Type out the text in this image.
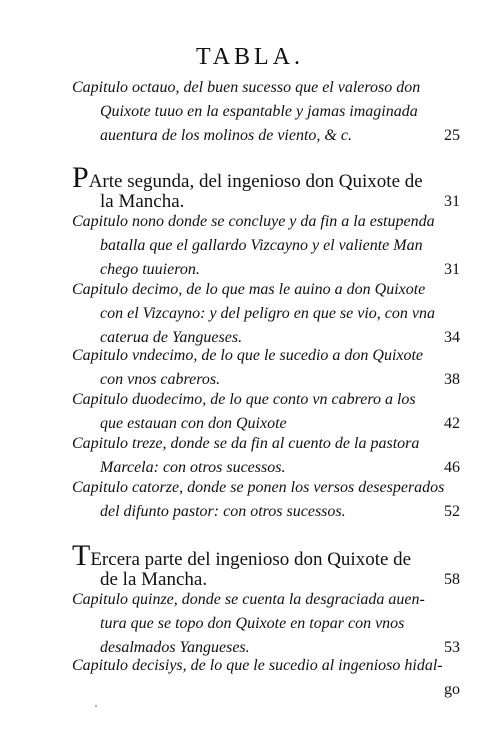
TABLA.
Capitulo octauo, del buen sucesso que el valeroso don
Quixote tuuo en la espantable y jamas imaginada
auentura de los molinos de viento, & c.	25
PArte segunda, del ingenioso don Quixote de
la Mancha.	31
Capitulo nono donde se concluye y da fin a la estupenda
batalla que el gallardo Vizcayno y el valiente Man
chego tuuieron.	31
Capitulo decimo, de lo que mas le auino a don Quixote
con el Vizcayno: y del peligro en que se vio, con vna
caterua de Yangueses.	34
Capitulo vndecimo, de lo que le sucedio a don Quixote
con vnos cabreros.	38
Capitulo duodecimo, de lo que conto vn cabrero a los
que estauan con don Quixote	42
Capitulo treze, donde se da fin al cuento de la pastora
Marcela: con otros sucessos.	46
Capitulo catorze, donde se ponen los versos desesperados
del difunto pastor: con otros sucessos.	52
TErcera parte del ingenioso don Quixote de
de la Mancha.	58
Capitulo quinze, donde se cuenta la desgraciada auen-
tura que se topo don Quixote en topar con vnos
desalmados Yangueses.	53
Capitulo decisiys, de lo que le sucedio al ingenioso hidal-
go
